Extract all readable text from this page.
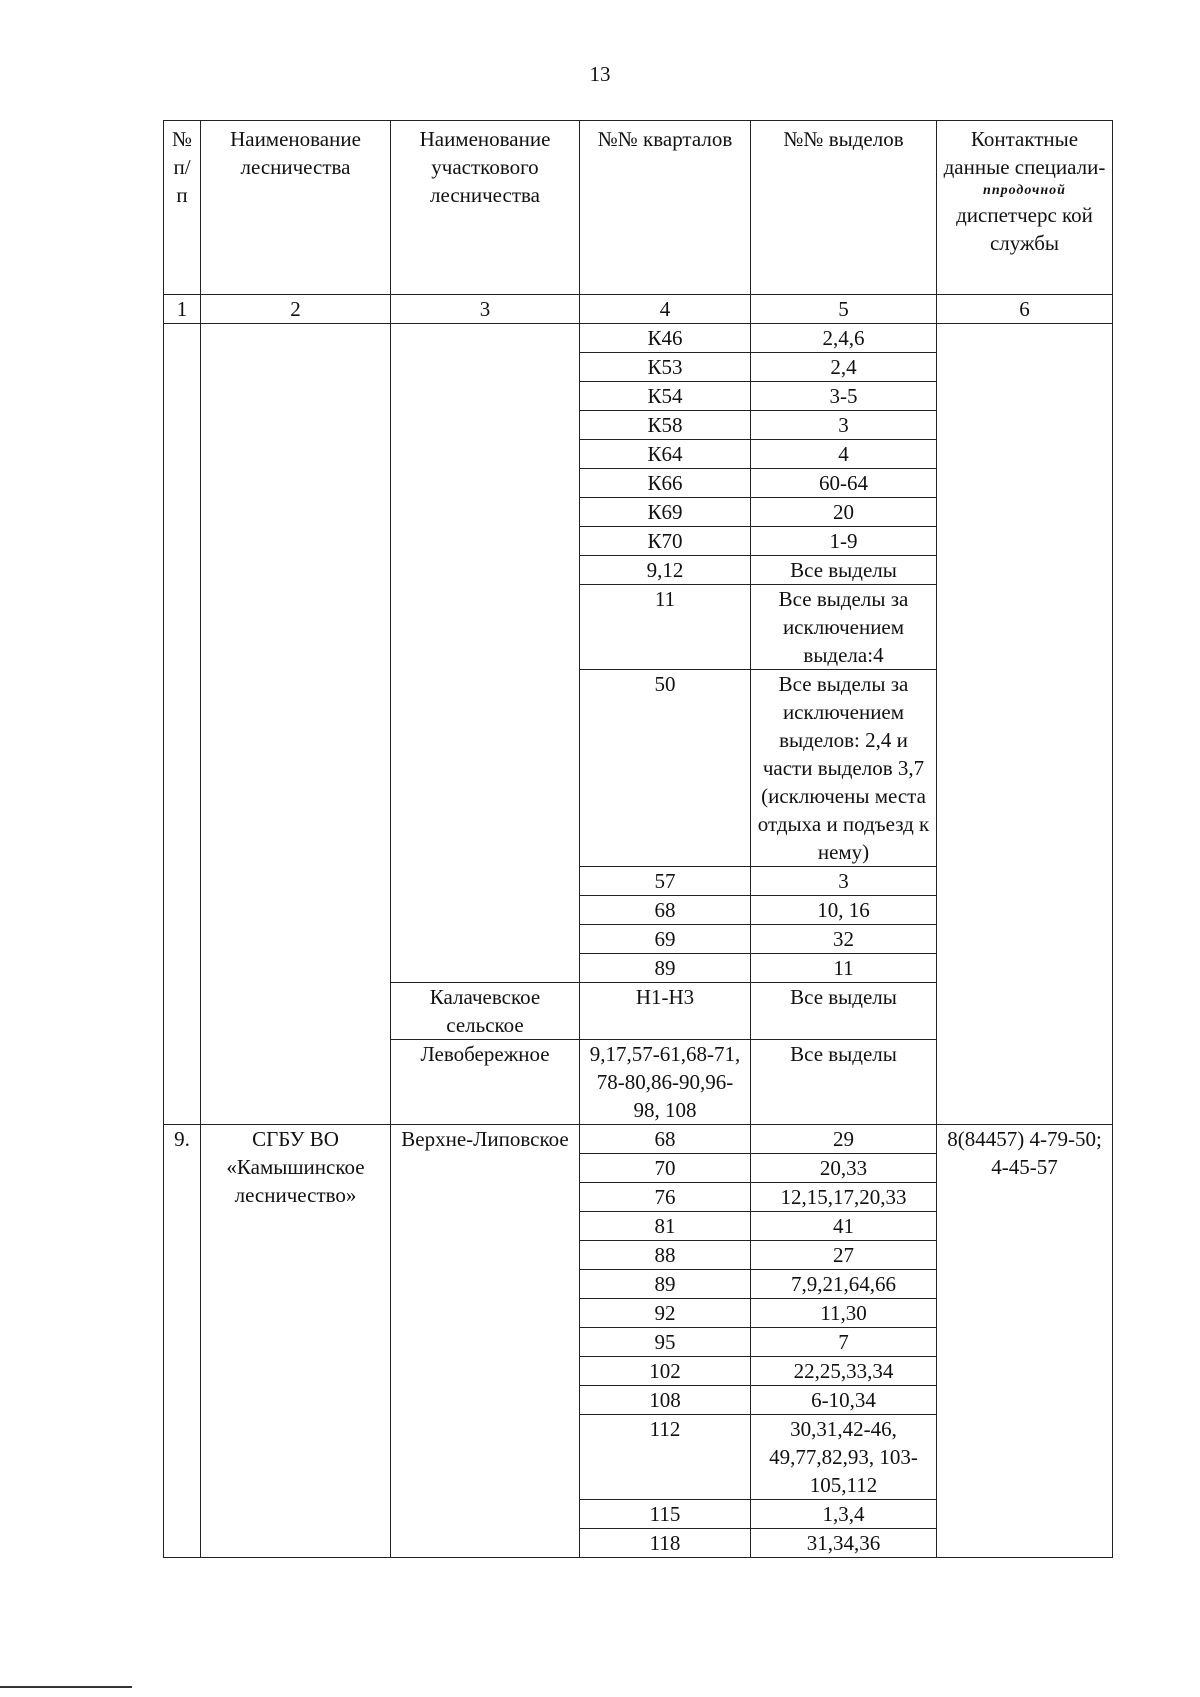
13
№ п/п	Наименование лесничества	Наименование участкового лесничества	№№ кварталов	№№ выделов	Контактные данные специали-
ппродочной
диспетчерс кой службы

1	2	3	4	5	6
			К46	2,4,6	
			К53	2,4	
			К54	3-5	
			К58	3	
			К64	4	
			К66	60-64	
			К69	20	
			К70	1-9	
			9,12	Все выделы	
			11	Все выделы за исключением выдела:4	
			50	Все выделы за исключением выделов: 2,4 и части выделов 3,7 (исключены места отдыха и подъезд к нему)	
			57	3	
			68	10, 16	
			69	32	
			89	11	
		Калачевское сельское	Н1-Н3	Все выделы	
		Левобережное	9,17,57-61,68-71, 78-80,86-90,96-98, 108	Все выделы	
9.	СГБУ ВО «Камышинское лесничество»	Верхне-Липовское	68	29	8(84457) 4-79-50; 4-45-57
			70	20,33	
			76	12,15,17,20,33	
			81	41	
			88	27	
			89	7,9,21,64,66	
			92	11,30	
			95	7	
			102	22,25,33,34	
			108	6-10,34	
			112	30,31,42-46, 49,77,82,93, 103-105,112	
			115	1,3,4	
			118	31,34,36	
